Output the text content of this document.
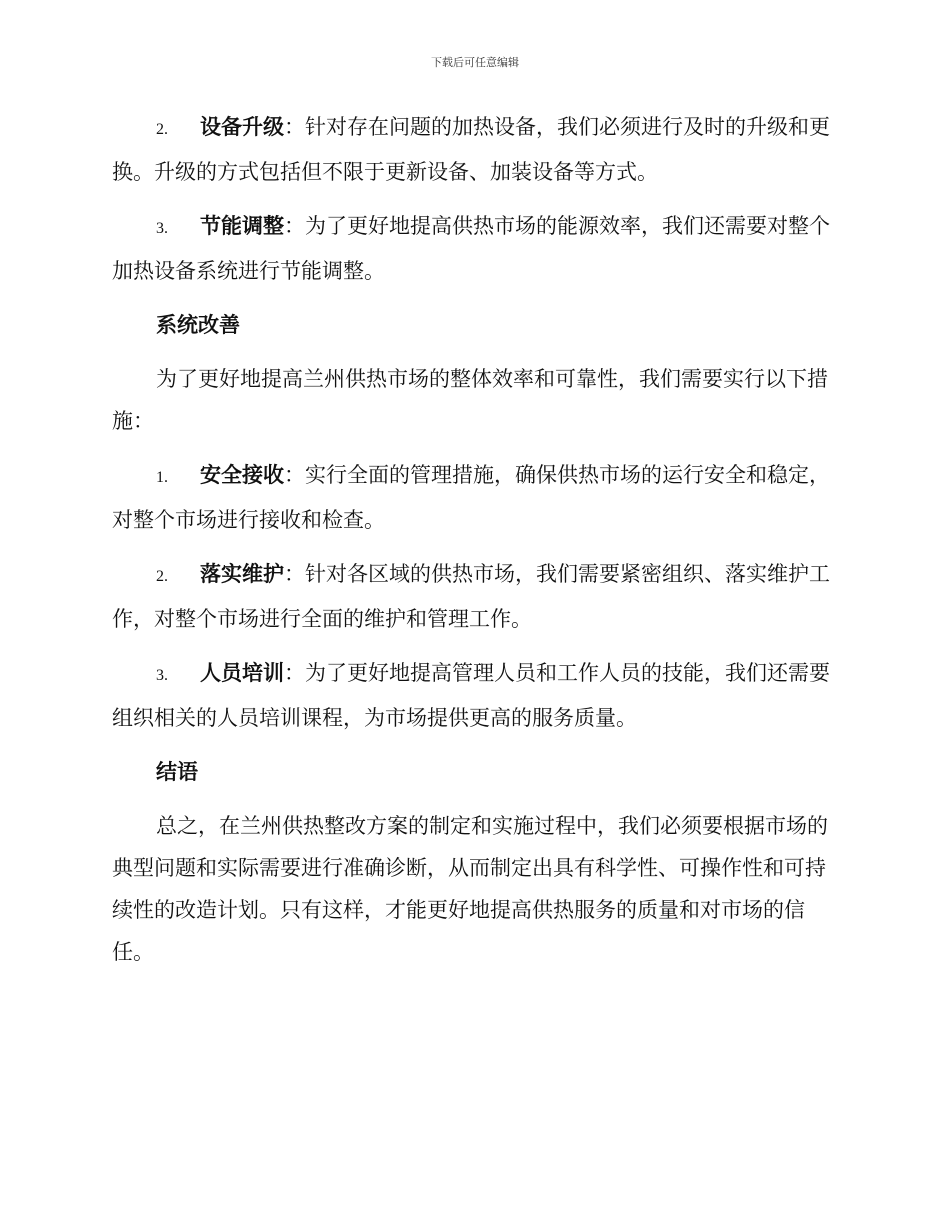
下载后可任意编辑

2. 设备升级：针对存在问题的加热设备，我们必须进行及时的升级和更换。升级的方式包括但不限于更新设备、加装设备等方式。

3. 节能调整：为了更好地提高供热市场的能源效率，我们还需要对整个加热设备系统进行节能调整。

系统改善

为了更好地提高兰州供热市场的整体效率和可靠性，我们需要实行以下措施：

1. 安全接收：实行全面的管理措施，确保供热市场的运行安全和稳定，对整个市场进行接收和检查。

2. 落实维护：针对各区域的供热市场，我们需要紧密组织、落实维护工作，对整个市场进行全面的维护和管理工作。

3. 人员培训：为了更好地提高管理人员和工作人员的技能，我们还需要组织相关的人员培训课程，为市场提供更高的服务质量。

结语

总之，在兰州供热整改方案的制定和实施过程中，我们必须要根据市场的典型问题和实际需要进行准确诊断，从而制定出具有科学性、可操作性和可持续性的改造计划。只有这样，才能更好地提高供热服务的质量和对市场的信任。
